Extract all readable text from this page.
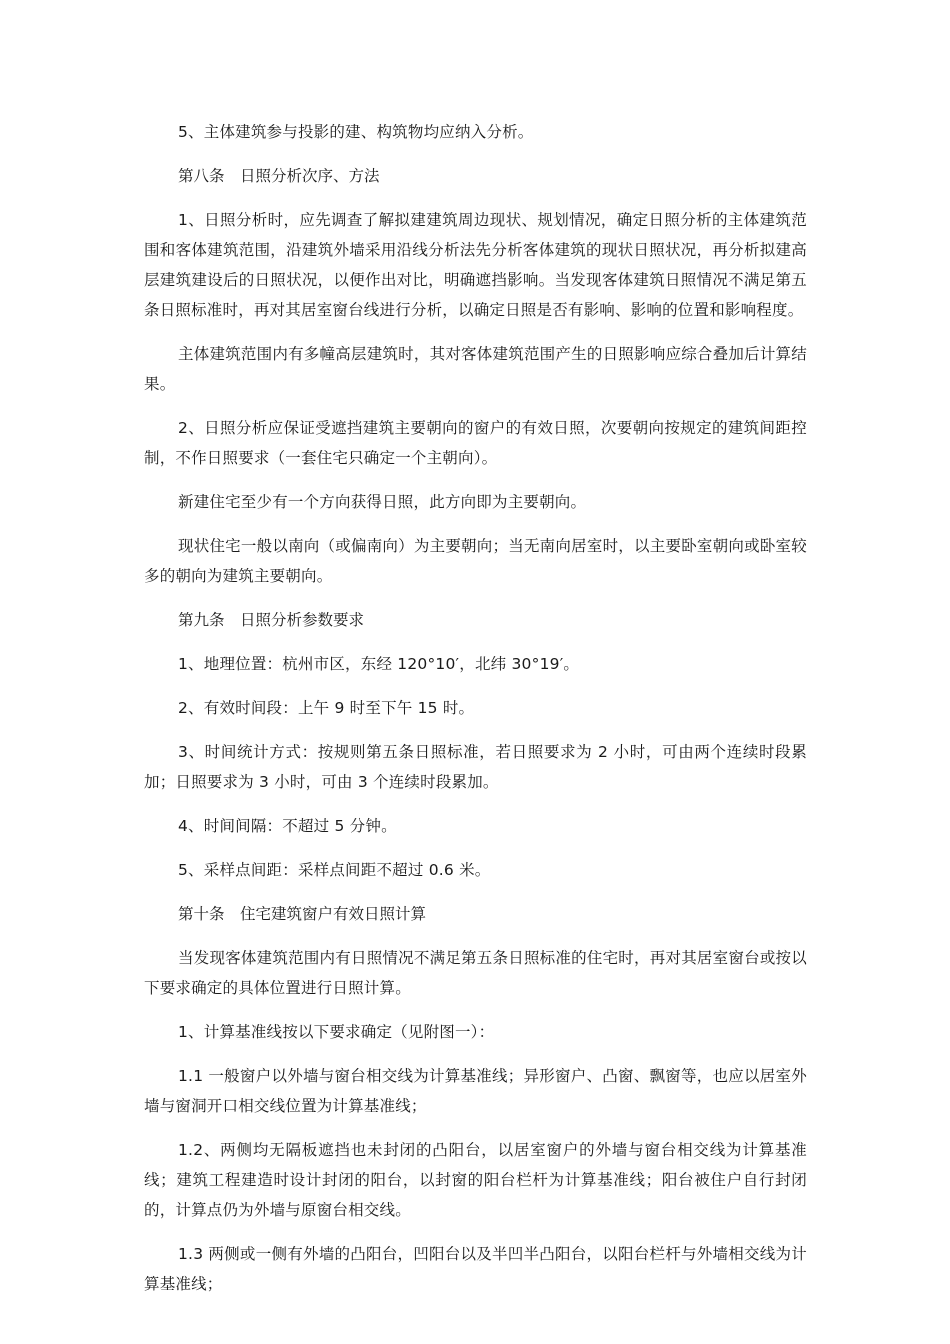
5、主体建筑参与投影的建、构筑物均应纳入分析。

第八条　日照分析次序、方法

1、日照分析时，应先调查了解拟建建筑周边现状、规划情况，确定日照分析的主体建筑范围和客体建筑范围，沿建筑外墙采用沿线分析法先分析客体建筑的现状日照状况，再分析拟建高层建筑建设后的日照状况，以便作出对比，明确遮挡影响。当发现客体建筑日照情况不满足第五条日照标准时，再对其居室窗台线进行分析，以确定日照是否有影响、影响的位置和影响程度。

主体建筑范围内有多幢高层建筑时，其对客体建筑范围产生的日照影响应综合叠加后计算结果。

2、日照分析应保证受遮挡建筑主要朝向的窗户的有效日照，次要朝向按规定的建筑间距控制，不作日照要求（一套住宅只确定一个主朝向）。

新建住宅至少有一个方向获得日照，此方向即为主要朝向。

现状住宅一般以南向（或偏南向）为主要朝向；当无南向居室时，以主要卧室朝向或卧室较多的朝向为建筑主要朝向。

第九条　日照分析参数要求

1、地理位置：杭州市区，东经 120°10′，北纬 30°19′。

2、有效时间段：上午 9 时至下午 15 时。

3、时间统计方式：按规则第五条日照标准，若日照要求为 2 小时，可由两个连续时段累加；日照要求为 3 小时，可由 3 个连续时段累加。

4、时间间隔：不超过 5 分钟。

5、采样点间距：采样点间距不超过 0.6 米。

第十条　住宅建筑窗户有效日照计算

当发现客体建筑范围内有日照情况不满足第五条日照标准的住宅时，再对其居室窗台或按以下要求确定的具体位置进行日照计算。

1、计算基准线按以下要求确定（见附图一）：

1.1 一般窗户以外墙与窗台相交线为计算基准线；异形窗户、凸窗、飘窗等，也应以居室外墙与窗洞开口相交线位置为计算基准线；

1.2、两侧均无隔板遮挡也未封闭的凸阳台，以居室窗户的外墙与窗台相交线为计算基准线；建筑工程建造时设计封闭的阳台，以封窗的阳台栏杆为计算基准线；阳台被住户自行封闭的，计算点仍为外墙与原窗台相交线。

1.3 两侧或一侧有外墙的凸阳台，凹阳台以及半凹半凸阳台，以阳台栏杆与外墙相交线为计算基准线；
